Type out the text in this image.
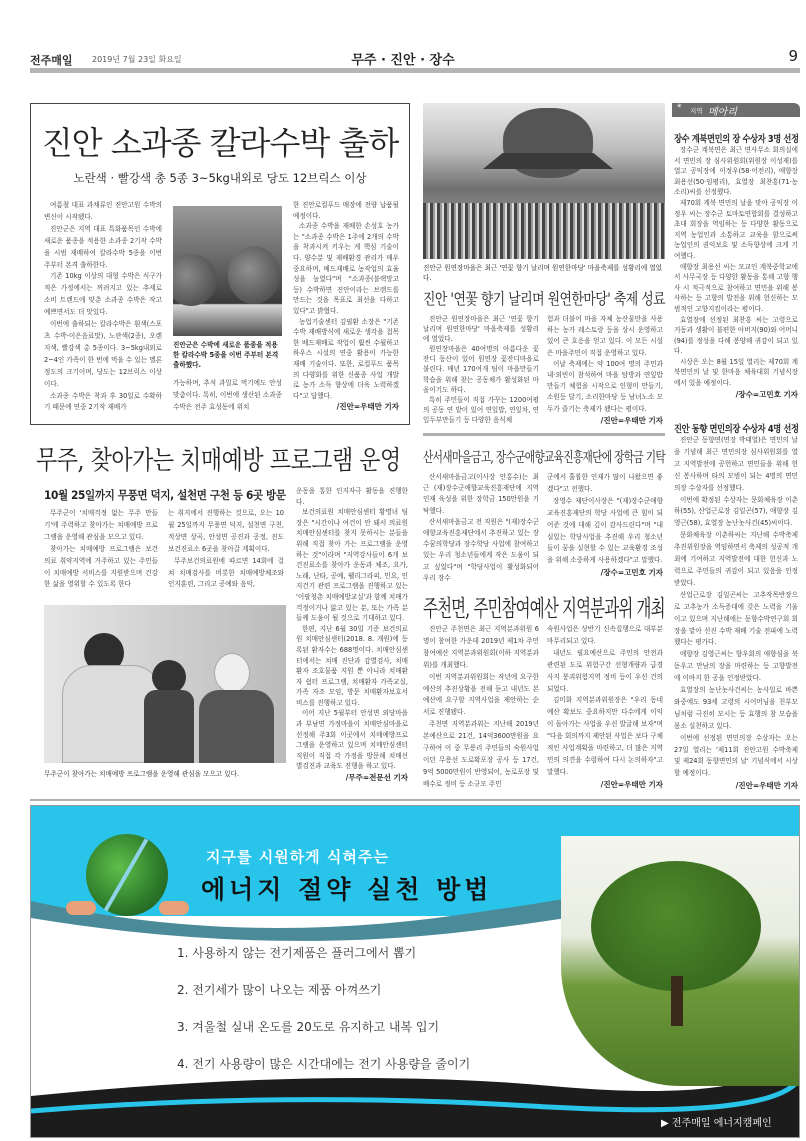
전주매일 2019년 7월 23일 화요일	무주 · 진안 · 장수	9
진안 소과종 칼라수박 출하
노란색 · 빨강색 총 5종 3~5kg내외로 당도 12브릭스 이상

여름철 대표 과채류인 진안고원 수박의 변신이 시작됐다.

진안군은 지역 대표 특화품목인 수박에 새로운 품종을 적용한 소과종 2기작 수박을 시범 재배하여 칼라수박 5종을 이번 주부터 본격 출하한다.

기존 10kg 이상의 대형 수박은 식구가 적은 가정에서는 꺼려지고 있는 추세로 소비 트렌드에 맞춘 소과종 수박은 작고 예쁘면서도 더 맛있다.

이번에 출하되는 칼라수박은 흰색(스포츠 수박-이은음료맛), 노란색(2종), 오렌지색, 빨강색 총 5종이다. 3~5kg내외로 2~4인 가족이 한 번에 먹을 수 있는 멜론 정도의 크기이며, 당도는 12브릭스 이상이다.

소과종 수박은 착과 후 30일로 수확하기 때문에 연중 2기작 재배가

진안군은 수박에 새로운 품종을 적용한 칼라수박 5종을 이번 주부터 본격 출하했다.

가능하며, 추석 과일로 먹기에도 안성맞춤이다. 특히, 이번에 생산된 소과종 수박은 전주 효성동에 위치

한 진안로컬푸드 매장에 전량 납품될 예정이다.

소과종 수박을 재배한 손성호 농가는 "소과종 수박은 1주에 2개의 수박을 착과시켜 키우는 게 핵심 기술이다. 양수분 및 재배환경 관리가 매우 중요하며, 베드재배로 농작업의 효율성을 높였다"며 "소과종(블랙망고 등) 수박하면 진안이라는 브랜드를 만드는 것을 목표로 최선을 다하고 있다"고 밝혔다.

농업기술센터 김필환 소장은 "기존 수박 재배방식에 새로운 생각을 접목한 베드재배로 작업이 훨씬 수월하고 하우스 시설의 연중 활용이 가능한 재배 기술이다. 또한, 로컬푸드 품목의 다양화를 위한 신품종 사업 개발로 농가 소득 향상에 더욱 노력하겠다"고 답했다.

/진안=우태만 기자

진안군 원연장마을은 최근 '연꽃 향기 날리며 원연한마당' 마을축제를 성황리에 열었다.
진안 '연꽃 향기 날리며 원연한마당' 축제 성료

진안군 원연장마을은 최근 '연꽃 향기 날리며 원연한마당' 마을축제를 성황리에 열었다.

원연장마을은 40여명의 아름다운 꽃잔디 동산이 있어 원연장 꽃잔디마을로 불린다. 매년 170여개 팀이 마을만들기 학습을 위해 찾는 공동체가 활성화된 마을이기도 하다.

특히 주민들이 직접 가꾸는 1200여평의 공동 연 밭이 있어 연잎밥, 연잎차, 연잎두부만들기 등 다양한 음식체

험과 더불어 마을 자체 농산물만을 사용하는 농가 레스토랑 등을 상시 운영하고 있어 큰 호응을 얻고 있다. 이 모든 시설은 마을주민이 직접 운영하고 있다.

이날 축제에는 약 100여 명의 주민과 내·외빈이 참석하여 마을 탐방과 연잎밥 만들기 체험을 시작으로 인형미 만들기, 소원등 달기, 소리한마당 등 남녀노소 모두가 즐기는 축제가 됐다는 평이다.

/진안=우태만 기자

산서새마을금고, 장수군애향교육진흥재단에 장학금 기탁

산서새마을금고(이사장 안홍수)는 최근 (재)장수군애향교육진흥재단에 지역 인재 육성을 위한 장학금 150만원을 기탁했다.

산서새마을금고 전 직원은 "(재)장수군애향교육진흥재단에서 추진하고 있는 장수꿈의학당과 장수학당 사업에 참여하고 있는 우리 청소년들에게 작은 도움이 되고 싶었다"며 "학당사업이 활성화되어 우리 장수

군에서 훌륭한 인재가 많이 나왔으면 좋겠다"고 전했다.

장영수 재단이사장은 "(재)장수군애향교육진흥재단의 학당 사업에 큰 힘이 되어준 것에 대해 깊이 감사드린다"며 "내실있는 학당사업을 추진해 우리 청소년들이 꿈을 실현할 수 있는 교육환경 조성을 위해 소중하게 사용하겠다"고 말했다.

/장수=고민호 기자

주천면, 주민참여예산 지역분과위 개최

진안군 주천면은 최근 지역분과위원 6명이 참여한 가운데 2019년 제1차 주민참여예산 지역분과위원회(이하 지역분과위)를 개최했다.

이번 지역분과위원회는 작년에 요구한 예산의 추진상황을 전해 듣고 내년도 본예산에 요구할 지역사업을 제안하는 순서로 진행됐다.

주천면 지역분과위는 지난해 2019년 본예산으로 21건, 14억3600만원을 요구하여 이 중 무릉리 주민들의 숙원사업이던 무릉선 도로확포장 공사 등 17건, 9억 5000만원이 반영되어, 농로포장 및 배수로 정비 등 소규모 주민

숙원사업은 상반기 신속집행으로 대부분 마무리되고 있다.

내년도 필요예산으로 주민의 안전과 관련된 도로 위험구간 선형개량과 급경사지 붕괴위험지역 정비 등이 우선 건의되었다.

김미화 지역분과위원장은 "우리 동네 예산 확보도 중요하지만 다수에게 이익이 돌아가는 사업을 우선 발굴해 보자"며 "다음 회의까지 제안된 사업은 보다 구체적인 사업계획을 마련하고, 더 많은 지역민의 의견을 수렴하여 다시 논의하자"고 말했다.

/진안=우태만 기자

무주, 찾아가는 치매예방 프로그램 운영
10월 25일까지 무풍면 덕지, 설천면 구천 등 6곳 방문

무주군이 '치매걱정 없는 무주 만들기'에 주력하고 찾아가는 치매예방 프로그램을 운영해 관심을 모으고 있다.

찾아가는 치매예방 프로그램은 보건의료 취약지역에 거주하고 있는 주민들이 치매예방 서비스를 지원받으며 건강한 삶을 영위할 수 있도록 한다

는 취지에서 진행하는 것으로, 오는 10월 25일까지 무풍면 덕지, 설천면 구천, 적상면 상곡, 안성면 공진과 공정, 진도 보건진료소 6곳을 찾아갈 계획이다.

무주보건의료원에 따르면 14회에 걸쳐 치매검사를 비롯한 치매예방체조와 인지훈련, 그리고 공예와 음악,

운동을 통한 인지자극 활동을 진행한다.

보건의료원 치매안심센터 황명녀 팀장은 "시간이나 여건이 안 돼서 의료원 치매안심센터를 찾지 못하시는 분들을 위해 직접 찾아 가는 프로그램을 운영하는 것"이라며 "지역강사들이 6개 보건진료소를 찾아가 운동과 체조, 요가, 노래, 난타, 공예, 웰리그라피, 민요, 인지건기 관련 프로그램을 진행하고 있는 '이팔청춘 치매예방교실'과 함께 치매가 걱정이거나 앓고 있는 분, 또는 가족 분들께 도움이 될 것으로 기대하고 있다.

한편, 지난 6월 30일 기준 보건의료원 치매안심센터(2018. 8. 개원)에 등록된 환자수는 688명이다. 치매안심센터에서는 치매 진단과 감별검사, 치매환자 조호물품 지원 뿐 아니라 치매환자 쉼터 프로그램, 치매환자 가족교실, 가족 자조 모임, 방문 치매환자보호서비스를 진행하고 있다.

이어 지난 5월부터 안성면 외당마을과 부남면 가정마을이 치매안심마을로 선정해 주3회 이곳에서 치매예방프로그램을 운영하고 있으며 치매안심센터 직원이 직접 각 가정을 방문해 치매선별검진과 교육도 진행을 하고 있다.

/무주=전문선 기자

무주군이 찾아가는 치매예방 프로그램을 운영해 관심을 모으고 있다.
* 지역 메아리
장수 계북면민의 장 수상자 3명 선정

장수군 계북면은 최근 면사무소 회의실에서 면민의 장 심사위원회(위원장 이성재)를 열고 공익장에 이정우(58·어전리), 애향장 최용선(50·임평리), 효열장 최찬흥(71·농소리)씨를 선정했다.

제70회 계북 면민의 날을 맞아 공익장 이정우 씨는 장수군 토마토연합회를 결성하고 초대 회장을 역임하는 등 다양한 활동으로 지역 농업인과 소통하고 교육을 함으로써 농업인의 권익보호 및 소득향상에 크게 기여했다.

애향장 최용선 씨는 모교인 계북중학교에서 사무국장 등 다양한 활동을 통해 고향 행사 시 적극적으로 참여하고 면민을 위해 봉사하는 등 고향의 발전을 위해 헌신하는 모범적인 고향지킴이라는 평이다.

효열장에 선정된 최찬흥 씨는 고령으로 거동과 생활이 불편한 아버지(90)와 어머니(94)를 정성을 다해 봉양해 귀감이 되고 있다.

시상은 오는 8월 15일 열리는 제70회 계북면민의 날 및 한마음 체육대회 기념식장에서 있을 예정이다.

/장수=고민호 기자

진안 동향 면민의장 수상자 4명 선정

진안군 동향면(면장 박태열)은 면민의 날을 기념해 최근 면민의장 심사위원회를 열고 지역발전에 공헌하고 면민들을 위해 헌신 봉사하며 타의 모범이 되는 4명의 면민의장 수상자를 선정했다.

이번에 확정된 수상자는 문화체육장 이춘하(55), 산업근로장 김일곤(57), 애향장 김영근(58), 효열장 농난놋사건(45)씨이다.

문화체육장 이춘하씨는 지난해 수박축제추진위원장을 역임하면서 축제의 성공적 개최에 기여하고 지역발전에 대한 헌신과 노력으로 주민들의 귀감이 되고 있음을 인정받았다.

산업근로장 김일곤씨는 고추작목반장으로 고추농가 소득증대에 갖은 노력을 기울이고 있으며 지난해에는 동향수박연구회 회장을 맡아 선진 수박 재배 기술 전파에 노력했다는 평가다.

애향장 김영근씨는 향우회의 애향심을 북돋우고 만남의 장을 마련하는 등 고향발전에 이바지 한 공을 인정받았다.

효열장의 농난놋사건씨는 농사일로 바쁜 와중에도 93세 고령의 시어머님을 친부모님처럼 극진히 모시는 등 효행의 참 모습을 몸소 실천하고 있다.

이번에 선정된 면민의장 수상자는 오는 27일 열리는 '제11회 진안고원 수박축제 및 제24회 동향면민의 날' 기념식에서 시상할 예정이다.

/진안=우태만 기자

지구를 시원하게 식혀주는
에너지 절약 실천 방법
1. 사용하지 않는 전기제품은 플러그에서 뽑기
2. 전기세가 많이 나오는 제품 아껴쓰기
3. 겨울철 실내 온도를 20도로 유지하고 내복 입기
4. 전기 사용량이 많은 시간대에는 전기 사용량을 줄이기
▶ 전주매일 에너지캠페인
